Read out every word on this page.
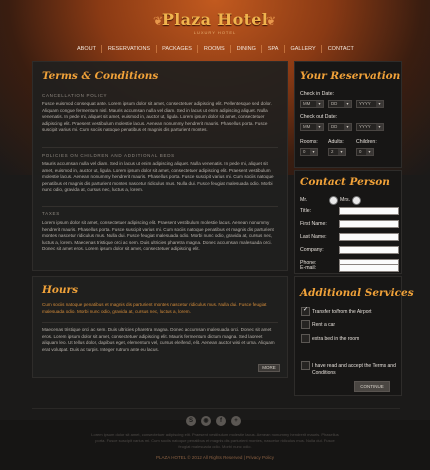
❦
Plaza Hotel
❦
LUXURY HOTEL
ABOUT RESERVATIONS PACKAGES ROOMS DINING SPA GALLERY CONTACT
Terms & Conditions
CANCELLATION POLICY
Fusce euismod consequat ante. Lorem ipsum dolor sit amet, consectetuer adipiscing elit. Pellentesque sed dolor. Aliquam congue fermentum nisl. Mauris accumsan nulla vel diam. Sed in lacus ut enim adipiscing aliquet. Nulla venenatis. In pede mi, aliquet sit amet, euismod in, auctor ut, ligula. Lorem ipsum dolor sit amet, consectetuer adipiscing elit. Praesent vestibulum molestie lacus. Aenean nonummy hendrerit mauris. Phasellus porta. Fusce suscipit varius mi. Cum sociis natoque penatibus et magnis dis parturient montes.
POLICIES ON CHILDREN AND ADDITIONAL BEDS
Mauris accumsan nulla vel diam. Sed in lacus ut enim adipiscing aliquet. Nulla venenatis. In pede mi, aliquet sit amet, euismod in, auctor ut, ligula. Lorem ipsum dolor sit amet, consectetuer adipiscing elit. Praesent vestibulum molestie lacus. Aenean nonummy hendrerit mauris. Phasellus porta. Fusce suscipit varius mi. Cum sociis natoque penatibus et magnis dis parturient montes nascetur ridiculus mus. Nulla dui. Fusce feugiat malesuada odio. Morbi nunc odio, gravida at, cursus nec, luctus a, lorem.
TAXES
Lorem ipsum dolor sit amet, consectetuer adipiscing elit. Praesent vestibulum molestie lacus. Aenean nonummy hendrerit mauris. Phasellus porta. Fusce suscipit varius mi. Cum sociis natoque penatibus et magnis dis parturient montes nascetur ridiculus mus. Nulla dui. Fusce feugiat malesuada odio. Morbi nunc odio, gravida at, cursus nec, luctus a, lorem. Maecenas tristique orci ac sem. Duis ultricies pharetra magna. Donec accumsan malesuada orci. Donec sit amet eros. Lorem ipsum dolor sit amet, consectetuer adipiscing elit.
Hours
Cum sociis natoque penatibus et magnis dis parturient montes nascetur ridiculus mus. Nulla dui. Fusce feugiat malesuada odio. Morbi nunc odio, gravida at, cursus nec, luctus a, lorem.
Maecenas tristique orci ac sem. Duis ultricies pharetra magna. Donec accumsan malesuada orci. Donec sit amet eros. Lorem ipsum dolor sit amet, consectetuer adipiscing elit. Mauris fermentum dictum magna. Sed laoreet aliquam leo. Ut tellus dolor, dapibus eget, elementum vel, cursus eleifend, elit. Aenean auctor wisi et urna. Aliquam erat volutpat. Duis ac turpis. Integer rutrum ante eu lacus.
MORE
Your Reservation
Check in Date:
MM	▼	DD	▼	YYYY	▼
Check out Date:
MM	▼	DD	▼	YYYY	▼
Rooms: Adults: Children:
0	▼	2	▼	0	▼
Contact Person
Mr.	Mrs.
Title:
First Name:
Last Name:
Company:
Phone:
E-mail:
Additional Services
✓ Transfer to/from the Airport
Rent a car
extra bed in the room
I have read and accept the Terms and Conditions
CONTINUE
S	◉	f	+
Lorem ipsum dolor sit amet, consectetuer adipiscing elit. Praesent vestibulum molestie lacus. Aenean nonummy hendrerit mauris. Phasellus porta. Fusce suscipit varius mi. Cum sociis natoque penatibus et magnis dis parturient montes, nascetur ridiculus mus. Nulla dui. Fusce feugiat malesuada odio. Morbi nunc odio.
PLAZA HOTEL © 2012 All Rights Reserved | Privacy Policy
